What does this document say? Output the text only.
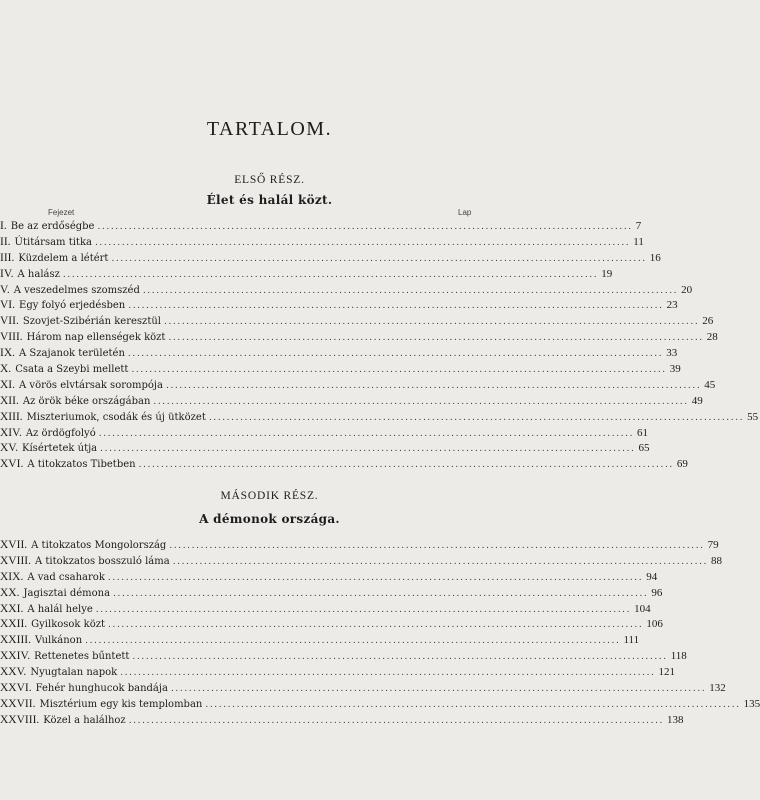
TARTALOM.
ELSŐ RÉSZ.
Élet és halál közt.
Fejezet	Lap
I. Be az erdőségbe ........................................................................................................................ 7
II. Útitársam titka ........................................................................................................................ 11
III. Küzdelem a létért ........................................................................................................................ 16
IV. A halász ........................................................................................................................ 19
V. A veszedelmes szomszéd ........................................................................................................................ 20
VI. Egy folyó erjedésben ........................................................................................................................ 23
VII. Szovjet-Szibérián keresztül ........................................................................................................................ 26
VIII. Három nap ellenségek közt ........................................................................................................................ 28
IX. A Szajanok területén ........................................................................................................................ 33
X. Csata a Szeybi mellett ........................................................................................................................ 39
XI. A vörös elvtársak sorompója ........................................................................................................................ 45
XII. Az örök béke országában ........................................................................................................................ 49
XIII. Miszteriumok, csodák és új ütközet ........................................................................................................................ 55
XIV. Az ördögfolyó ........................................................................................................................ 61
XV. Kísértetek útja ........................................................................................................................ 65
XVI. A titokzatos Tibetben ........................................................................................................................ 69
MÁSODIK RÉSZ.
A démonok országa.
XVII. A titokzatos Mongolország ........................................................................................................................ 79
XVIII. A titokzatos bosszuló láma ........................................................................................................................ 88
XIX. A vad csaharok ........................................................................................................................ 94
XX. Jagisztai démona ........................................................................................................................ 96
XXI. A halál helye ........................................................................................................................ 104
XXII. Gyilkosok közt ........................................................................................................................ 106
XXIII. Vulkánon ........................................................................................................................ 111
XXIV. Rettenetes bűntett ........................................................................................................................ 118
XXV. Nyugtalan napok ........................................................................................................................ 121
XXVI. Fehér hunghucok bandája ........................................................................................................................ 132
XXVII. Misztérium egy kis templomban ........................................................................................................................ 135
XXVIII. Közel a halálhoz ........................................................................................................................ 138
